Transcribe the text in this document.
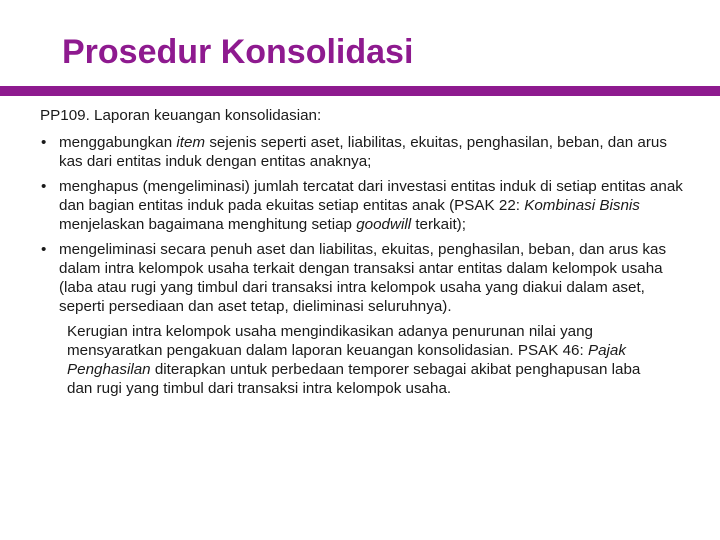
Prosedur Konsolidasi

PP109. Laporan keuangan konsolidasian:

• menggabungkan item sejenis seperti aset, liabilitas, ekuitas, penghasilan, beban, dan arus kas dari entitas induk dengan entitas anaknya;
• menghapus (mengeliminasi) jumlah tercatat dari investasi entitas induk di setiap entitas anak dan bagian entitas induk pada ekuitas setiap entitas anak (PSAK 22: Kombinasi Bisnis menjelaskan bagaimana menghitung setiap goodwill terkait);
• mengeliminasi secara penuh aset dan liabilitas, ekuitas, penghasilan, beban, dan arus kas dalam intra kelompok usaha terkait dengan transaksi antar entitas dalam kelompok usaha (laba atau rugi yang timbul dari transaksi intra kelompok usaha yang diakui dalam aset, seperti persediaan dan aset tetap, dieliminasi seluruhnya).

Kerugian intra kelompok usaha mengindikasikan adanya penurunan nilai yang mensyaratkan pengakuan dalam laporan keuangan konsolidasian. PSAK 46: Pajak Penghasilan diterapkan untuk perbedaan temporer sebagai akibat penghapusan laba dan rugi yang timbul dari transaksi intra kelompok usaha.
